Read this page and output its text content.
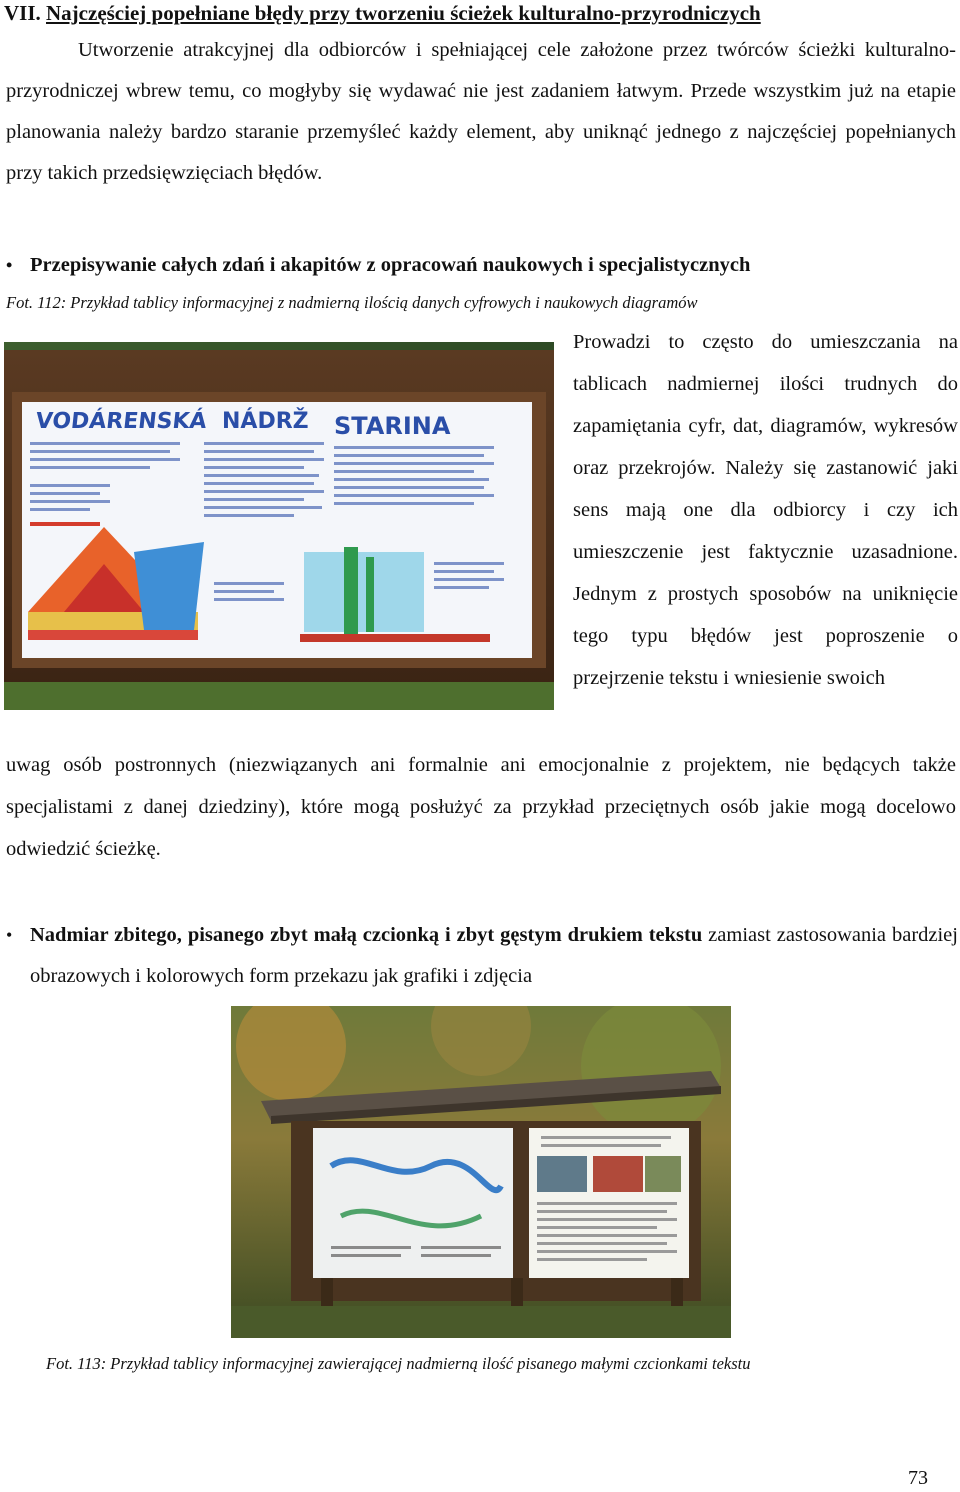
VII. Najczęściej popełniane błędy przy tworzeniu ścieżek kulturalno-przyrodniczych

Utworzenie atrakcyjnej dla odbiorców i spełniającej cele założone przez twórców ścieżki kulturalno-przyrodniczej wbrew temu, co mogłyby się wydawać nie jest zadaniem łatwym. Przede wszystkim już na etapie planowania należy bardzo staranie przemyśleć każdy element, aby uniknąć jednego z najczęściej popełnianych przy takich przedsięwzięciach błędów.

• Przepisywanie całych zdań i akapitów z opracowań naukowych i specjalistycznych

Fot. 112: Przykład tablicy informacyjnej z nadmierną ilością danych cyfrowych i naukowych diagramów

VODÁRENSKÁ NÁDRŽ STARINA

Prowadzi to często do umieszczania na tablicach nadmiernej ilości trudnych do zapamiętania cyfr, dat, diagramów, wykresów oraz przekrojów. Należy się zastanowić jaki sens mają one dla odbiorcy i czy ich umieszczenie jest faktycznie uzasadnione. Jednym z prostych sposobów na uniknięcie tego typu błędów jest poproszenie o przejrzenie tekstu i wniesienie swoich

uwag osób postronnych (niezwiązanych ani formalnie ani emocjonalnie z projektem, nie będących także specjalistami z danej dziedziny), które mogą posłużyć za przykład przeciętnych osób jakie mogą docelowo odwiedzić ścieżkę.

• Nadmiar zbitego, pisanego zbyt małą czcionką i zbyt gęstym drukiem tekstu zamiast zastosowania bardziej obrazowych i kolorowych form przekazu jak grafiki i zdjęcia

Fot. 113: Przykład tablicy informacyjnej zawierającej nadmierną ilość pisanego małymi czcionkami tekstu

73
